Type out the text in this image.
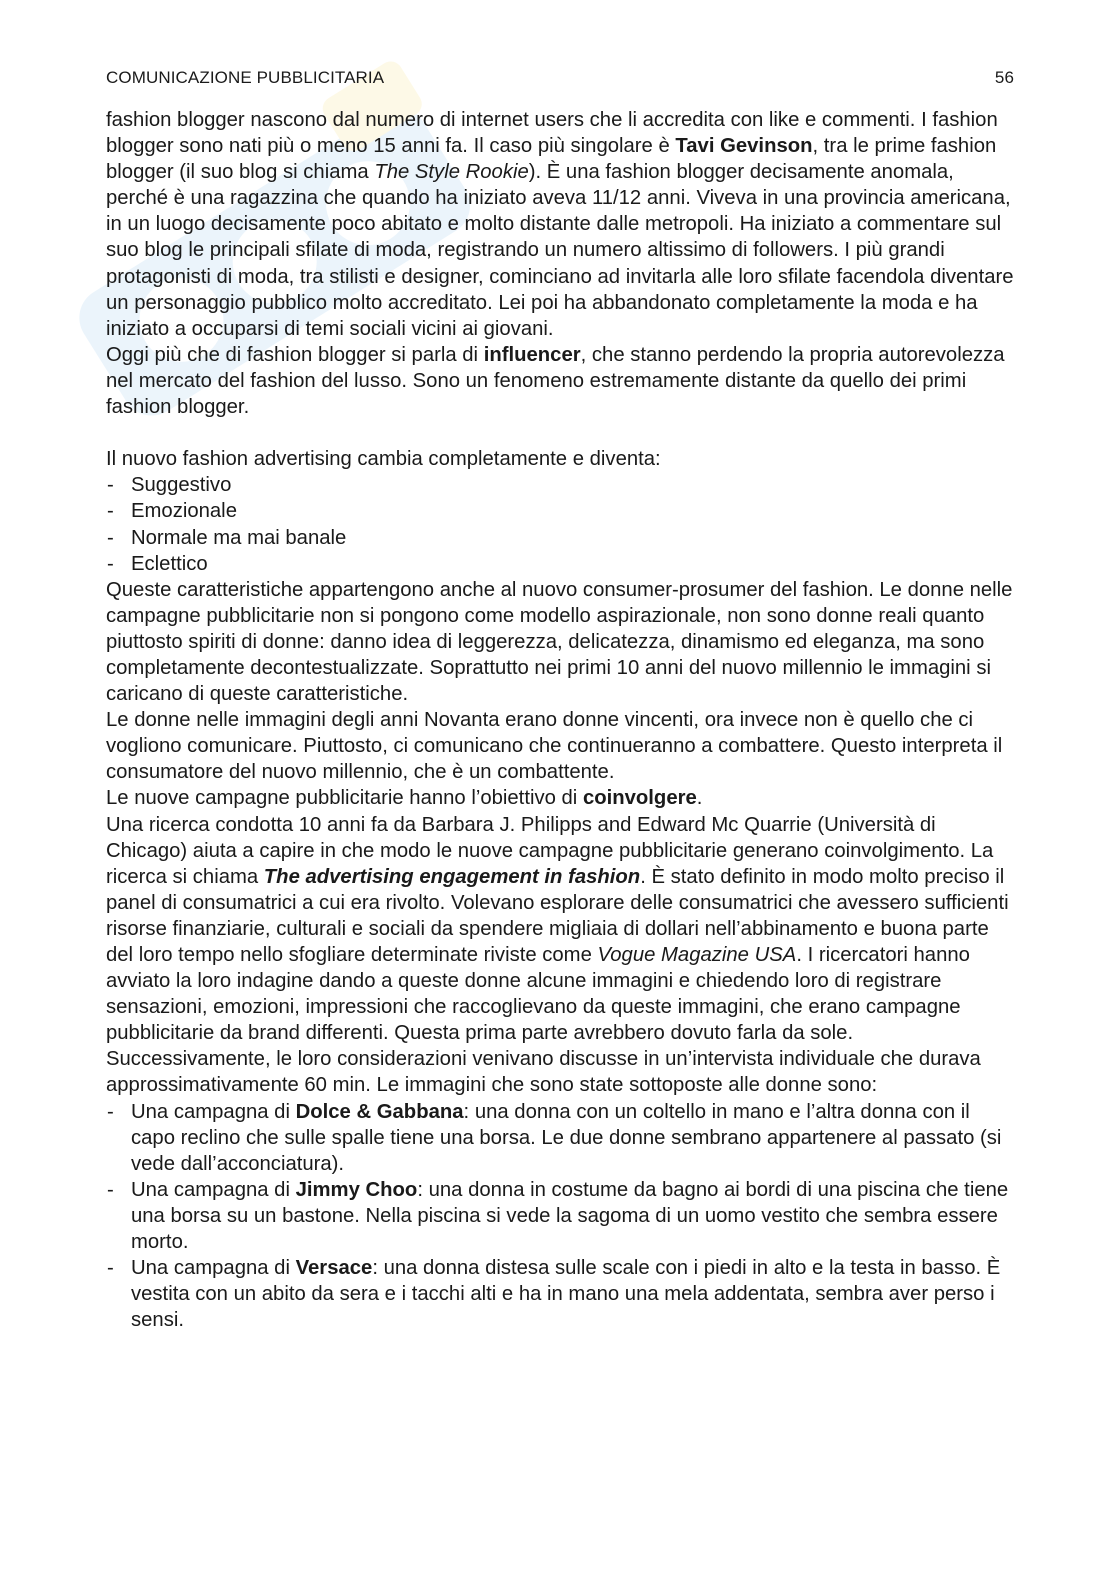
COMUNICAZIONE PUBBLICITARIA	56

fashion blogger nascono dal numero di internet users che li accredita con like e commenti. I fashion blogger sono nati più o meno 15 anni fa. Il caso più singolare è Tavi Gevinson, tra le prime fashion blogger (il suo blog si chiama The Style Rookie). È una fashion blogger decisamente anomala, perché è una ragazzina che quando ha iniziato aveva 11/12 anni. Viveva in una provincia americana, in un luogo decisamente poco abitato e molto distante dalle metropoli. Ha iniziato a commentare sul suo blog le principali sfilate di moda, registrando un numero altissimo di followers. I più grandi protagonisti di moda, tra stilisti e designer, cominciano ad invitarla alle loro sfilate facendola diventare un personaggio pubblico molto accreditato. Lei poi ha abbandonato completamente la moda e ha iniziato a occuparsi di temi sociali vicini ai giovani.

Oggi più che di fashion blogger si parla di influencer, che stanno perdendo la propria autorevolezza nel mercato del fashion del lusso. Sono un fenomeno estremamente distante da quello dei primi fashion blogger.

Il nuovo fashion advertising cambia completamente e diventa:

- Suggestivo
- Emozionale
- Normale ma mai banale
- Eclettico

Queste caratteristiche appartengono anche al nuovo consumer-prosumer del fashion. Le donne nelle campagne pubblicitarie non si pongono come modello aspirazionale, non sono donne reali quanto piuttosto spiriti di donne: danno idea di leggerezza, delicatezza, dinamismo ed eleganza, ma sono completamente decontestualizzate. Soprattutto nei primi 10 anni del nuovo millennio le immagini si caricano di queste caratteristiche.

Le donne nelle immagini degli anni Novanta erano donne vincenti, ora invece non è quello che ci vogliono comunicare. Piuttosto, ci comunicano che continueranno a combattere. Questo interpreta il consumatore del nuovo millennio, che è un combattente.

Le nuove campagne pubblicitarie hanno l’obiettivo di coinvolgere.

Una ricerca condotta 10 anni fa da Barbara J. Philipps and Edward Mc Quarrie (Università di Chicago) aiuta a capire in che modo le nuove campagne pubblicitarie generano coinvolgimento. La ricerca si chiama The advertising engagement in fashion. È stato definito in modo molto preciso il panel di consumatrici a cui era rivolto. Volevano esplorare delle consumatrici che avessero sufficienti risorse finanziarie, culturali e sociali da spendere migliaia di dollari nell’abbinamento e buona parte del loro tempo nello sfogliare determinate riviste come Vogue Magazine USA. I ricercatori hanno avviato la loro indagine dando a queste donne alcune immagini e chiedendo loro di registrare sensazioni, emozioni, impressioni che raccoglievano da queste immagini, che erano campagne pubblicitarie da brand differenti. Questa prima parte avrebbero dovuto farla da sole. Successivamente, le loro considerazioni venivano discusse in un’intervista individuale che durava approssimativamente 60 min. Le immagini che sono state sottoposte alle donne sono:

- Una campagna di Dolce & Gabbana: una donna con un coltello in mano e l’altra donna con il capo reclino che sulle spalle tiene una borsa. Le due donne sembrano appartenere al passato (si vede dall’acconciatura).
- Una campagna di Jimmy Choo: una donna in costume da bagno ai bordi di una piscina che tiene una borsa su un bastone. Nella piscina si vede la sagoma di un uomo vestito che sembra essere morto.
- Una campagna di Versace: una donna distesa sulle scale con i piedi in alto e la testa in basso. È vestita con un abito da sera e i tacchi alti e ha in mano una mela addentata, sembra aver perso i sensi.
